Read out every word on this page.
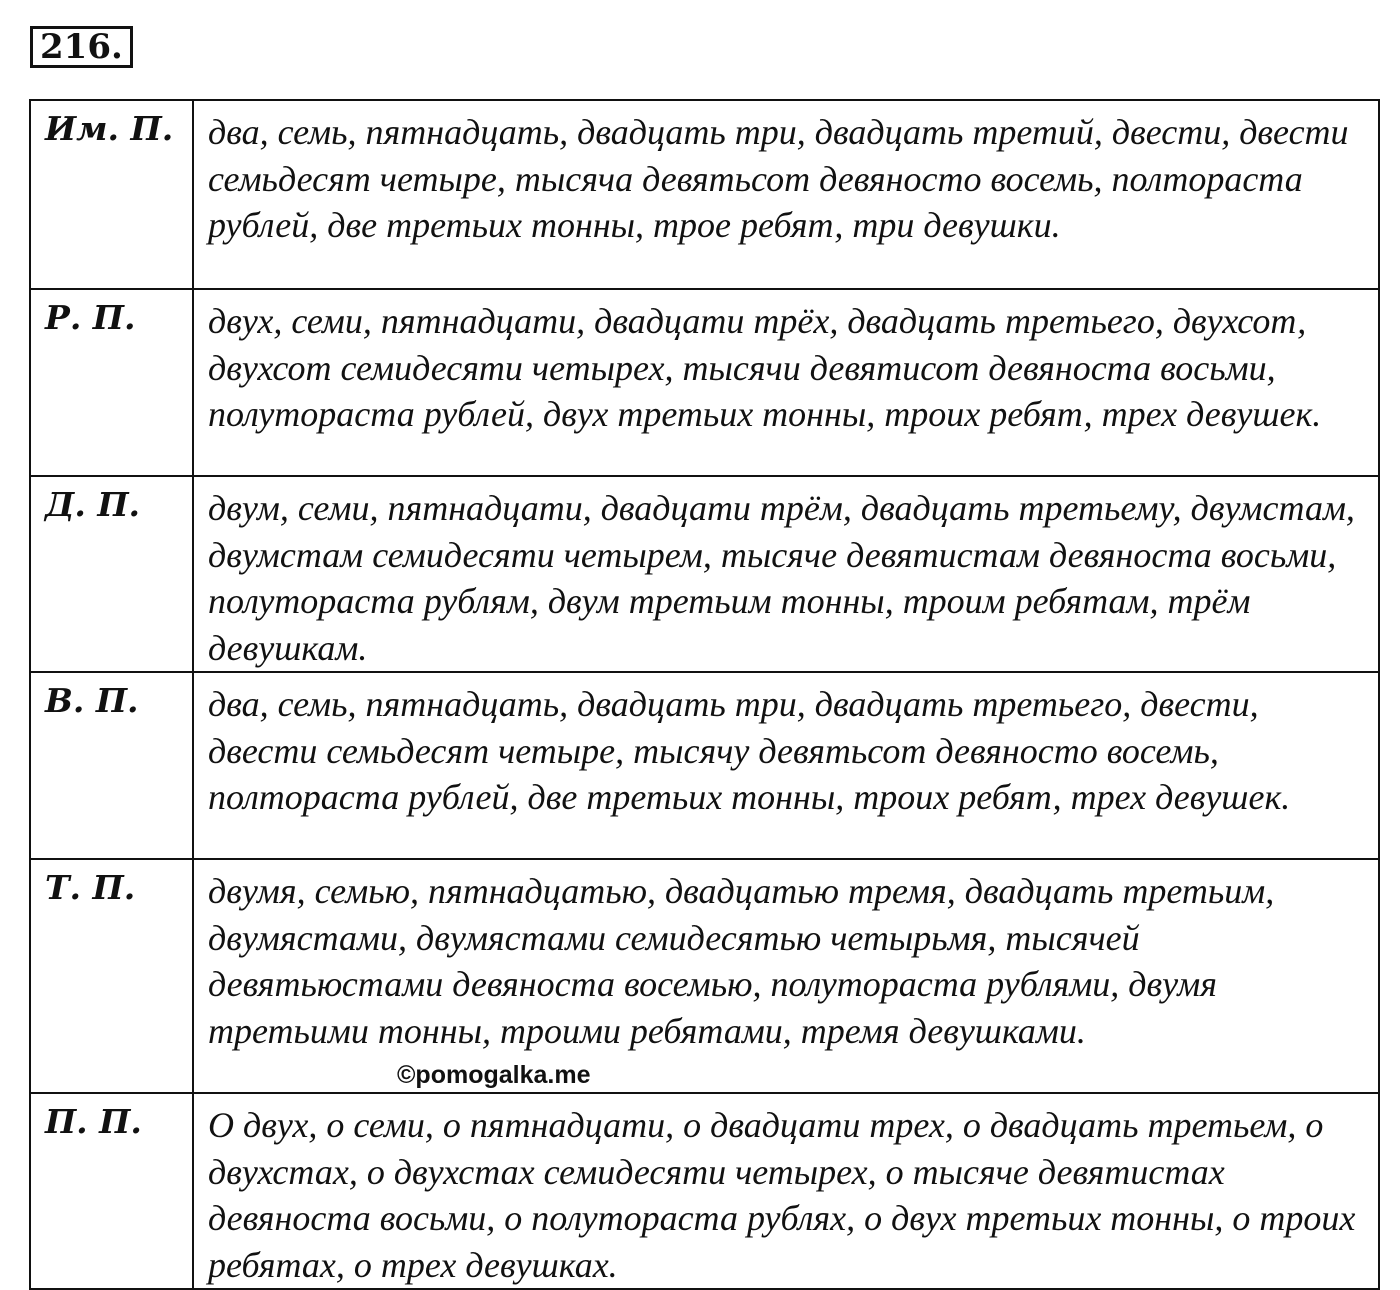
216.
Им. П.	два, семь, пятнадцать, двадцать три, двадцать третий, двести, двести семьдесят четыре, тысяча девятьсот девяносто восемь, полтораста рублей, две третьих тонны, трое ребят, три девушки.
Р. П.	двух, семи, пятнадцати, двадцати трёх, двадцать третьего, двухсот, двухсот семидесяти четырех, тысячи девятисот девяноста восьми, полутораста рублей, двух третьих тонны, троих ребят, трех девушек.
Д. П.	двум, семи, пятнадцати, двадцати трём, двадцать третьему, двумстам, двумстам семидесяти четырем, тысяче девятистам девяноста восьми, полутораста рублям, двум третьим тонны, троим ребятам, трём девушкам.
В. П.	два, семь, пятнадцать, двадцать три, двадцать третьего, двести, двести семьдесят четыре, тысячу девятьсот девяносто восемь, полтораста рублей, две третьих тонны, троих ребят, трех девушек.
Т. П.	двумя, семью, пятнадцатью, двадцатью тремя, двадцать третьим, двумястами, двумястами семидесятью четырьмя, тысячей девятьюстами девяноста восемью, полутораста рублями, двумя третьими тонны, троими ребятами, тремя девушками.
П. П.	О двух, о семи, о пятнадцати, о двадцати трех, о двадцать третьем, о двухстах, о двухстах семидесяти четырех, о тысяче девятистах девяноста восьми, о полутораста рублях, о двух третьих тонны, о троих ребятах, о трех девушках.
©pomogalka.me
